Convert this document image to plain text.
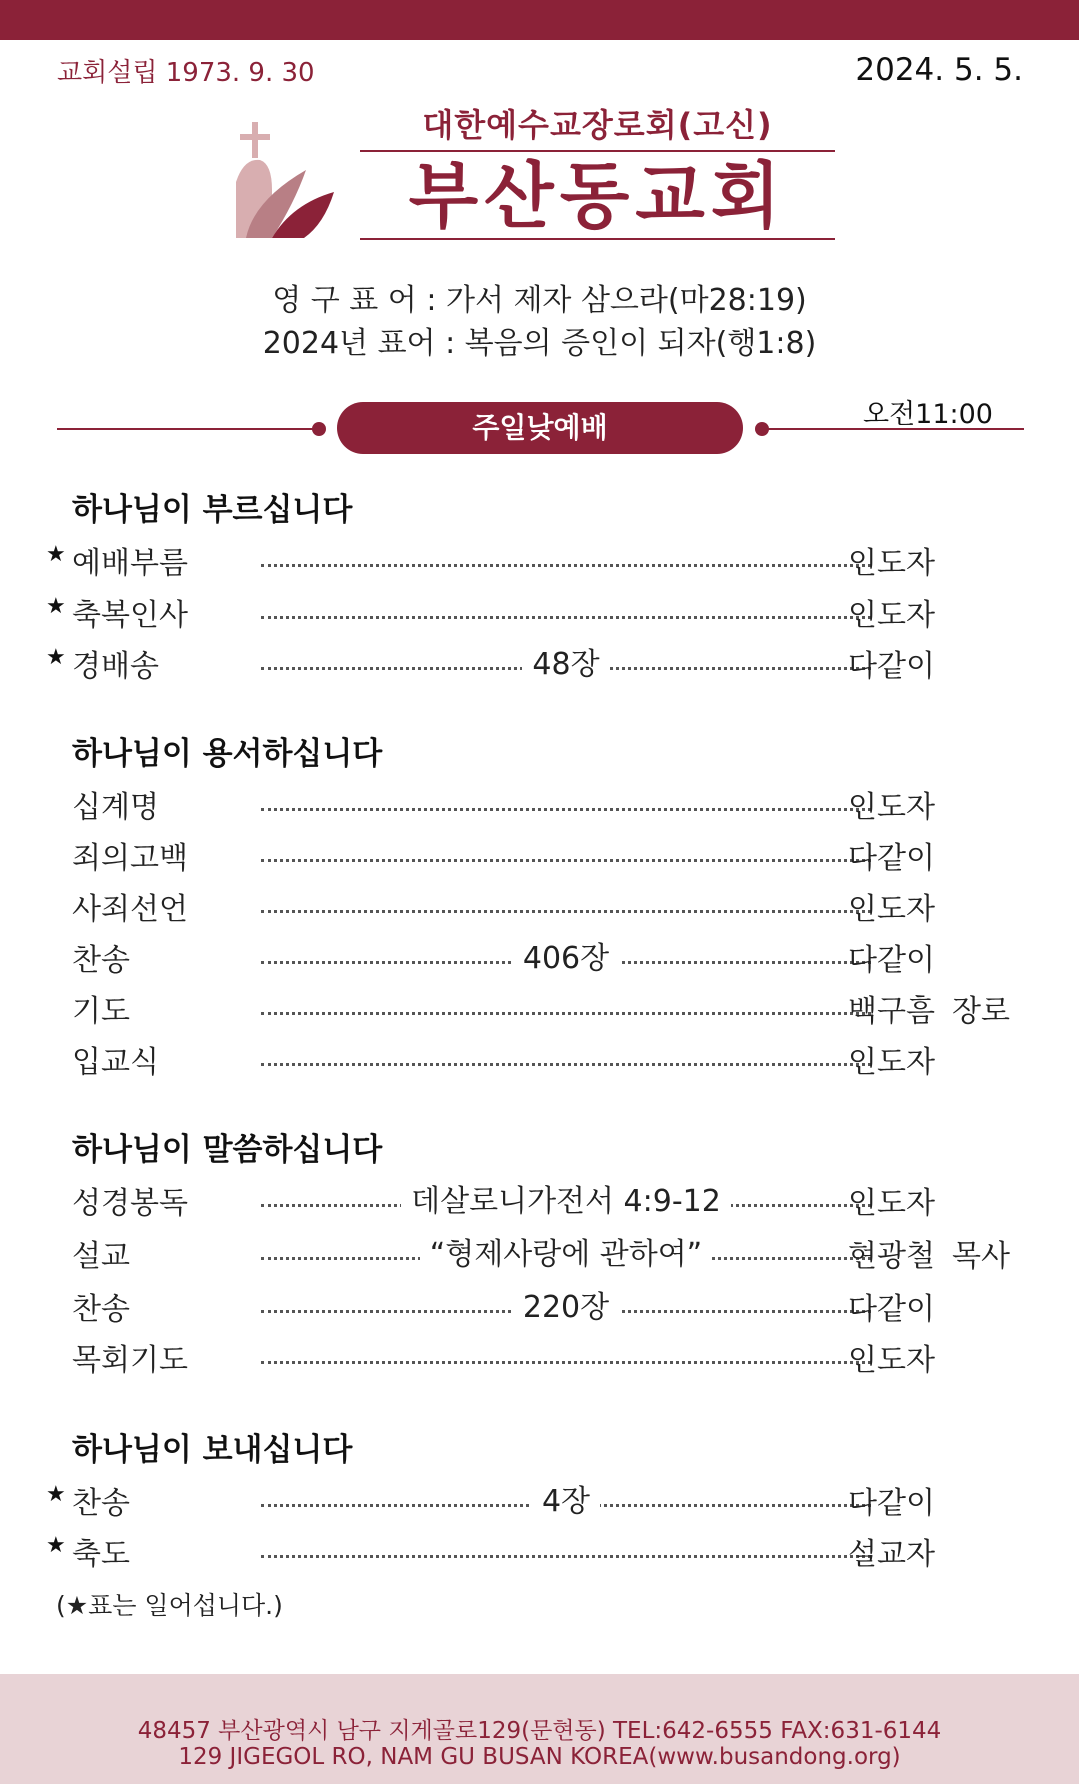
교회설립 1973. 9. 30	2024. 5. 5.
대한예수교장로회(고신)
부산동교회
영 구 표 어 : 가서 제자 삼으라(마28:19)
2024년 표어 : 복음의 증인이 되자(행1:8)
주일낮예배	오전11:00
하나님이 부르십니다
★ 예배부름	인도자
★ 축복인사	인도자
★ 경배송	48장	다같이
하나님이 용서하십니다
십계명	인도자
죄의고백	다같이
사죄선언	인도자
찬송	406장	다같이
기도	백구흠 장로
입교식	인도자
하나님이 말씀하십니다
성경봉독	데살로니가전서 4:9-12	인도자
설교	“형제사랑에 관하여”	현광철 목사
찬송	220장	다같이
목회기도	인도자
하나님이 보내십니다
★ 찬송	4장	다같이
★ 축도	설교자
(★표는 일어섭니다.)
48457 부산광역시 남구 지게골로129(문현동) TEL:642-6555 FAX:631-6144
129 JIGEGOL RO, NAM GU BUSAN KOREA(www.busandong.org)
